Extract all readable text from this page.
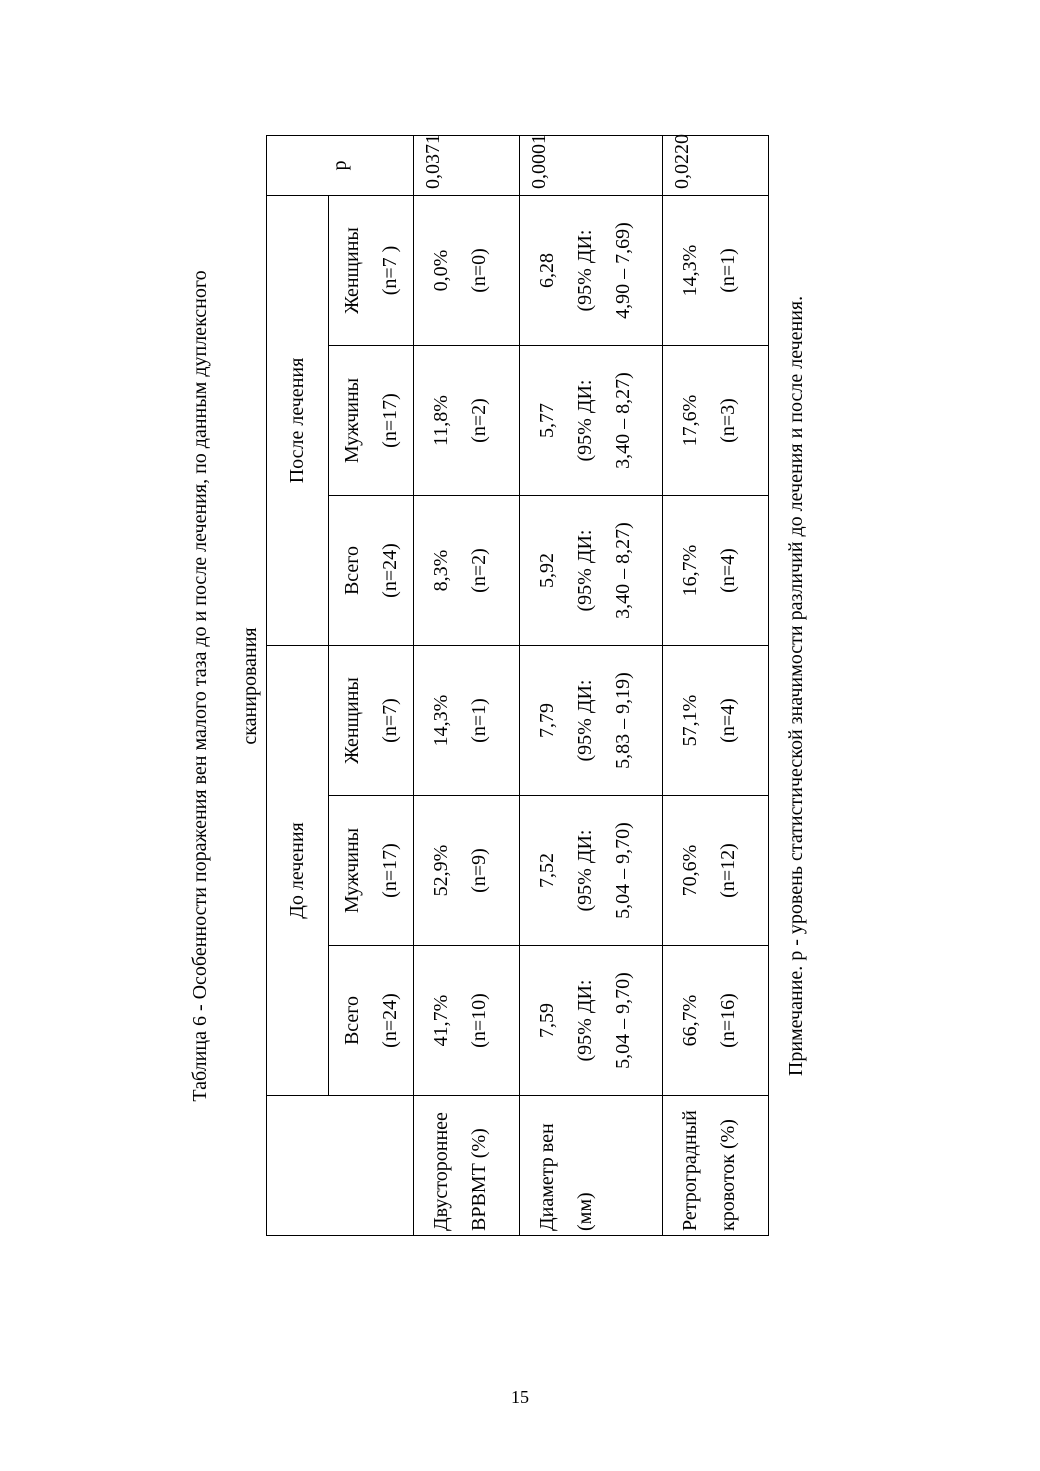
Таблица 6 - Особенности поражения вен малого таза до и после лечения, по данным дуплексного сканирования
	До лечения			После лечения			p

	Всего (n=24)	Мужчины (n=17)	Женщины (n=7)	Всего (n=24)	Мужчины (n=17)	Женщины (n=7 )	

Двустороннее ВРВМТ (%)	41,7% (n=10)	52,9% (n=9)	14,3% (n=1)	8,3% (n=2)	11,8% (n=2)	0,0% (n=0)	0,0371

Диаметр вен (мм)	7,59 (95% ДИ: 5,04 – 9,70)	7,52 (95% ДИ: 5,04 – 9,70)	7,79 (95% ДИ: 5,83 – 9,19)	5,92 (95% ДИ: 3,40 – 8,27)	5,77 (95% ДИ: 3,40 – 8,27)	6,28 (95% ДИ: 4,90 – 7,69)	0,0001

Ретроградный кровоток (%)	66,7% (n=16)	70,6% (n=12)	57,1% (n=4)	16,7% (n=4)	17,6% (n=3)	14,3% (n=1)	0,0220
Примечание. p - уровень статистической значимости различий до лечения и после лечения.
15
